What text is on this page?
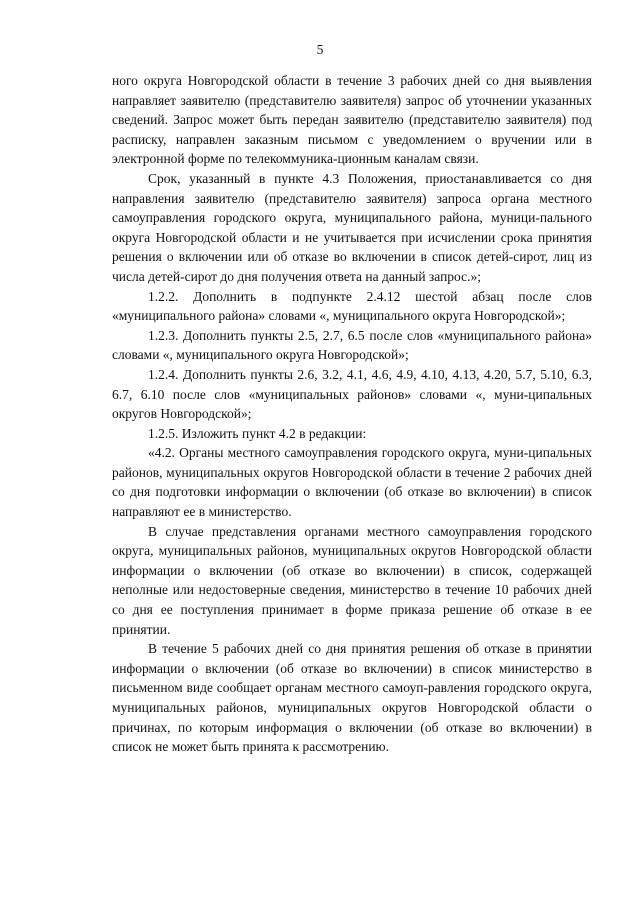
5

ного округа Новгородской области в течение 3 рабочих дней со дня выявления направляет заявителю (представителю заявителя) запрос об уточнении указанных сведений. Запрос может быть передан заявителю (представителю заявителя) под расписку, направлен заказным письмом с уведомлением о вручении или в электронной форме по телекоммуника-ционным каналам связи.

Срок, указанный в пункте 4.3 Положения, приостанавливается со дня направления заявителю (представителю заявителя) запроса органа местного самоуправления городского округа, муниципального района, муници-пального округа Новгородской области и не учитывается при исчислении срока принятия решения о включении или об отказе во включении в список детей-сирот, лиц из числа детей-сирот до дня получения ответа на данный запрос.»;

1.2.2. Дополнить в подпункте 2.4.12 шестой абзац после слов «муниципального района» словами «, муниципального округа Новгородской»;

1.2.3. Дополнить пункты 2.5, 2.7, 6.5 после слов «муниципального района» словами «, муниципального округа Новгородской»;

1.2.4. Дополнить пункты 2.6, 3.2, 4.1, 4.6, 4.9, 4.10, 4.13, 4.20, 5.7, 5.10, 6.3, 6.7, 6.10 после слов «муниципальных районов» словами «, муни-ципальных округов Новгородской»;

1.2.5. Изложить пункт 4.2 в редакции:

«4.2. Органы местного самоуправления городского округа, муни-ципальных районов, муниципальных округов Новгородской области в течение 2 рабочих дней со дня подготовки информации о включении (об отказе во включении) в список направляют ее в министерство.

В случае представления органами местного самоуправления городского округа, муниципальных районов, муниципальных округов Новгородской области информации о включении (об отказе во включении) в список, содержащей неполные или недостоверные сведения, министерство в течение 10 рабочих дней со дня ее поступления принимает в форме приказа решение об отказе в ее принятии.

В течение 5 рабочих дней со дня принятия решения об отказе в принятии информации о включении (об отказе во включении) в список министерство в письменном виде сообщает органам местного самоуп-равления городского округа, муниципальных районов, муниципальных округов Новгородской области о причинах, по которым информация о включении (об отказе во включении) в список не может быть принята к рассмотрению.
